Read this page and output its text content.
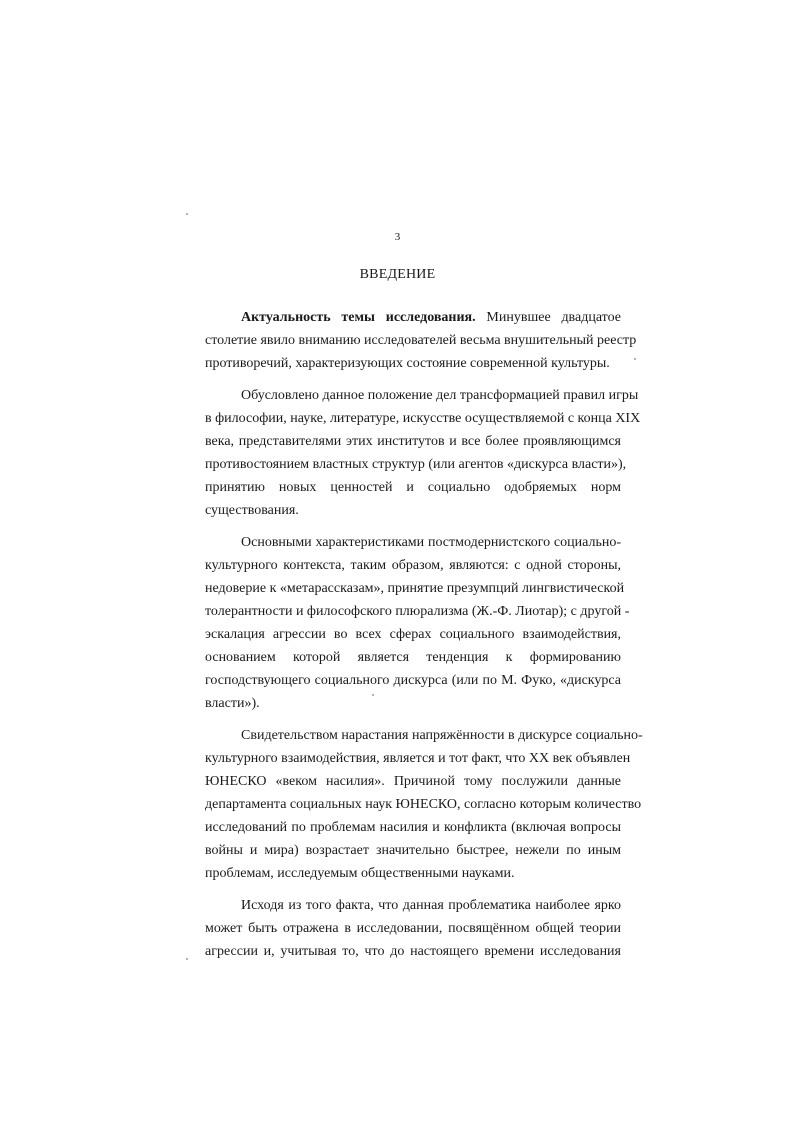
3
ВВЕДЕНИЕ
Актуальность темы исследования. Минувшее двадцатое
столетие явило вниманию исследователей весьма внушительный реестр
противоречий, характеризующих состояние современной культуры.
Обусловлено данное положение дел трансформацией правил игры
в философии, науке, литературе, искусстве осуществляемой с конца XIX
века, представителями этих институтов и все более проявляющимся
противостоянием властных структур (или агентов «дискурса власти»),
принятию новых ценностей и социально одобряемых норм
существования.
Основными характеристиками постмодернистского социально-
культурного контекста, таким образом, являются: с одной стороны,
недоверие к «метарассказам», принятие презумпций лингвистической
толерантности и философского плюрализма (Ж.-Ф. Лиотар); с другой -
эскалация агрессии во всех сферах социального взаимодействия,
основанием которой является тенденция к формированию
господствующего социального дискурса (или по М. Фуко, «дискурса
власти»).
Свидетельством нарастания напряжённости в дискурсе социально-
культурного взаимодействия, является и тот факт, что XX век объявлен
ЮНЕСКО «веком насилия». Причиной тому послужили данные
департамента социальных наук ЮНЕСКО, согласно которым количество
исследований по проблемам насилия и конфликта (включая вопросы
войны и мира) возрастает значительно быстрее, нежели по иным
проблемам, исследуемым общественными науками.
Исходя из того факта, что данная проблематика наиболее ярко
может быть отражена в исследовании, посвящённом общей теории
агрессии и, учитывая то, что до настоящего времени исследования
